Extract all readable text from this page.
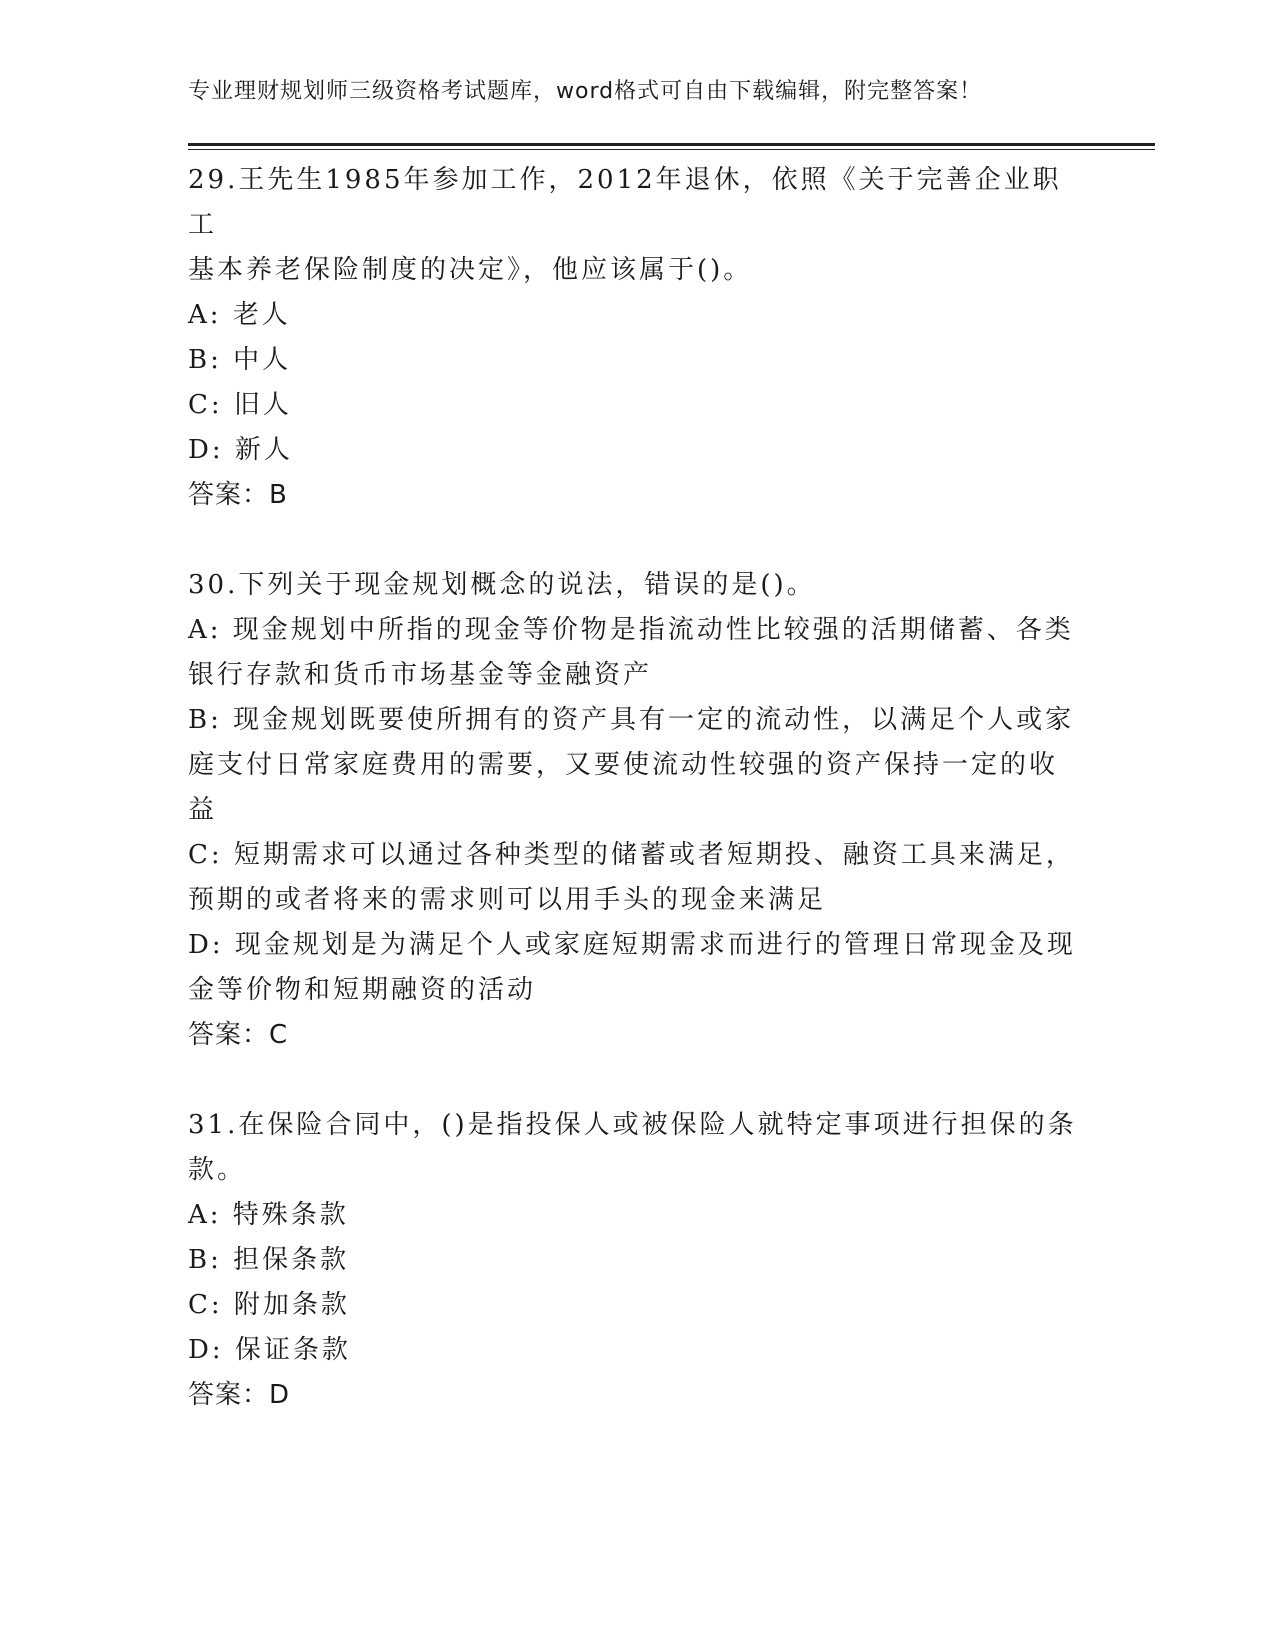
专业理财规划师三级资格考试题库，word格式可自由下载编辑，附完整答案！
29.王先生1985年参加工作，2012年退休，依照《关于完善企业职工
基本养老保险制度的决定》，他应该属于()。
A: 老人
B: 中人
C: 旧人
D: 新人
答案：B
30.下列关于现金规划概念的说法，错误的是()。
A: 现金规划中所指的现金等价物是指流动性比较强的活期储蓄、各类
银行存款和货币市场基金等金融资产
B: 现金规划既要使所拥有的资产具有一定的流动性，以满足个人或家
庭支付日常家庭费用的需要，又要使流动性较强的资产保持一定的收
益
C: 短期需求可以通过各种类型的储蓄或者短期投、融资工具来满足，
预期的或者将来的需求则可以用手头的现金来满足
D: 现金规划是为满足个人或家庭短期需求而进行的管理日常现金及现
金等价物和短期融资的活动
答案：C
31.在保险合同中，()是指投保人或被保险人就特定事项进行担保的条
款。
A: 特殊条款
B: 担保条款
C: 附加条款
D: 保证条款
答案：D
